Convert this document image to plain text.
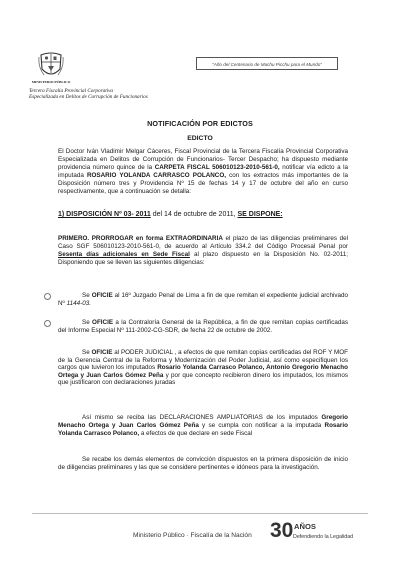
MINISTERIO PÚBLICO
Tercera Fiscalía Provincial Corporativa
Especializada en Delitos de Corrupción de Funcionarios
"Año del Centenario de Machu Picchu para el Mundo"
NOTIFICACIÓN POR EDICTOS
EDICTO
El Doctor Iván Vladimir Melgar Cáceres, Fiscal Provincial de la Tercera Fiscalía Provincial Corporativa Especializada en Delitos de Corrupción de Funcionarios- Tercer Despacho; ha dispuesto mediante providencia número quince de la CARPETA FISCAL 506010123-2010-561-0, notificar vía edicto a la imputada ROSARIO YOLANDA CARRASCO POLANCO, con los extractos más importantes de la Disposición número tres y Providencia Nº 15 de fechas 14 y 17 de octubre del año en curso respectivamente, que a continuación se detalla:
1) DISPOSICIÓN Nº 03- 2011 del 14 de octubre de 2011, SE DISPONE:
PRIMERO. PRORROGAR en forma EXTRAORDINARIA el plazo de las diligencias preliminares del Caso SGF 506010123-2010-561-0, de acuerdo al Artículo 334.2 del Código Procesal Penal por Sesenta días adicionales en Sede Fiscal al plazo dispuesto en la Disposición No. 02-2011; Disponiendo que se lleven las siguientes diligencias:
Se OFICIE al 16º Juzgado Penal de Lima a fin de que remitan el expediente judicial archivado Nº 1144-03.
Se OFICIE a la Contraloría General de la República, a fin de que remitan copias certificadas del Informe Especial Nº 111-2002-CG-SDR, de fecha 22 de octubre de 2002.
Se OFICIE al PODER JUDICIAL , a efectos de que remitan copias certificadas del ROF Y MOF de la Gerencia Central de la Reforma y Modernización del Poder Judicial, así como especifiquen los cargos que tuvieron los imputados Rosario Yolanda Carrasco Polanco, Antonio Gregorio Menacho Ortega y Juan Carlos Gómez Peña y por que concepto recibieron dinero los imputados, los mismos que justificaron con declaraciones juradas
Así mismo se reciba las DECLARACIONES AMPLIATORIAS de los imputados Gregorio Menacho Ortega y Juan Carlos Gómez Peña y se cumpla con notificar a la imputada Rosario Yolanda Carrasco Polanco, a efectos de que declare en sede Fiscal
Se recabe los demás elementos de convicción dispuestos en la primera disposición de inicio de diligencias preliminares y las que se considere pertinentes e idóneos para la investigación.
Ministerio Público · Fiscalía de la Nación 30 AÑOS
Defendiendo la Legalidad
